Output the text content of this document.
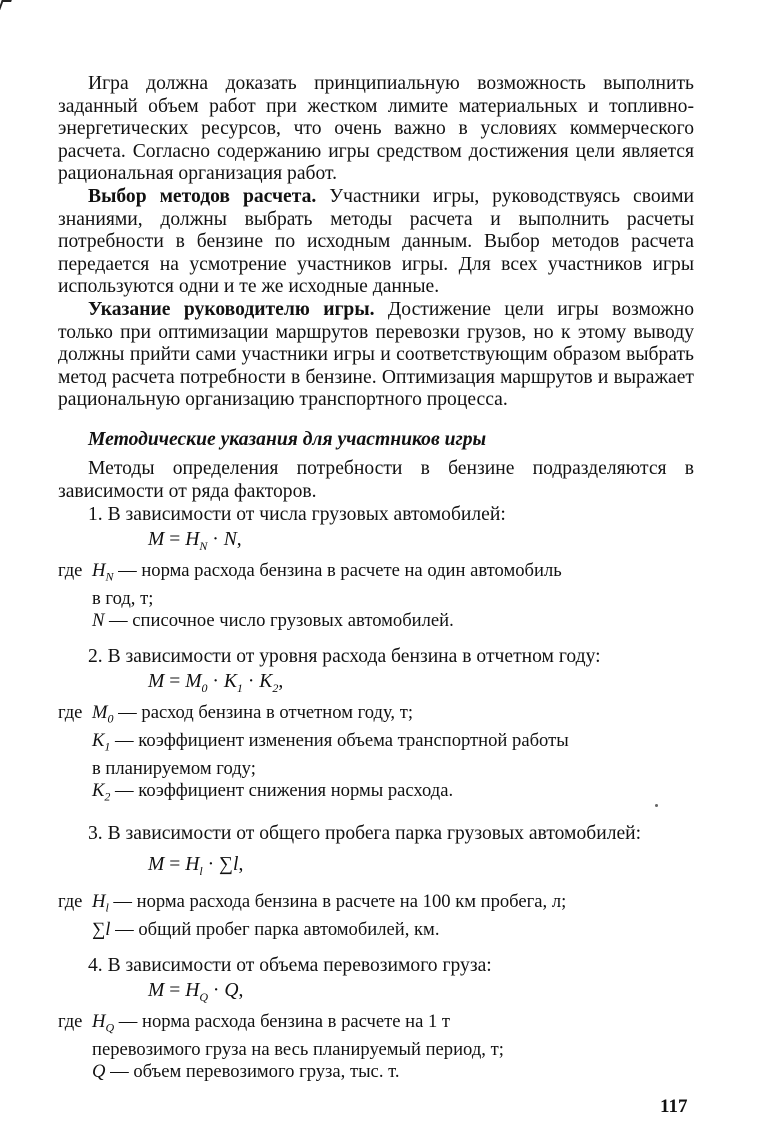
Игра должна доказать принципиальную возможность выполнить заданный объем работ при жестком лимите материальных и топливно-энергетических ресурсов, что очень важно в условиях коммерческого расчета. Согласно содержанию игры средством достижения цели является рациональная организация работ.

Выбор методов расчета. Участники игры, руководствуясь своими знаниями, должны выбрать методы расчета и выполнить расчеты потребности в бензине по исходным данным. Выбор методов расчета передается на усмотрение участников игры. Для всех участников игры используются одни и те же исходные данные.

Указание руководителю игры. Достижение цели игры возможно только при оптимизации маршрутов перевозки грузов, но к этому выводу должны прийти сами участники игры и соответствующим образом выбрать метод расчета потребности в бензине. Оптимизация маршрутов и выражает рациональную организацию транспортного процесса.

Методические указания для участников игры

Методы определения потребности в бензине подразделяются в зависимости от ряда факторов.

1. В зависимости от числа грузовых автомобилей:
$M = H_N \cdot N$,
где $H_N$ — норма расхода бензина в расчете на один автомобиль
в год, т;
N — списочное число грузовых автомобилей.
2. В зависимости от уровня расхода бензина в отчетном году:
$M = M_0 \cdot K_1 \cdot K_2$,
где $M_0$ — расход бензина в отчетном году, т;
$K_1$ — коэффициент изменения объема транспортной работы
в планируемом году;
$K_2$ — коэффициент снижения нормы расхода.
3. В зависимости от общего пробега парка грузовых автомобилей:
$M = H_l \cdot \sum l$,
где $H_l$ — норма расхода бензина в расчете на 100 км пробега, л;
∑l — общий пробег парка автомобилей, км.
4. В зависимости от объема перевозимого груза:
$M = H_Q \cdot Q$,
где $H_Q$ — норма расхода бензина в расчете на 1 т
перевозимого груза на весь планируемый период, т;
Q — объем перевозимого груза, тыс. т.
117
